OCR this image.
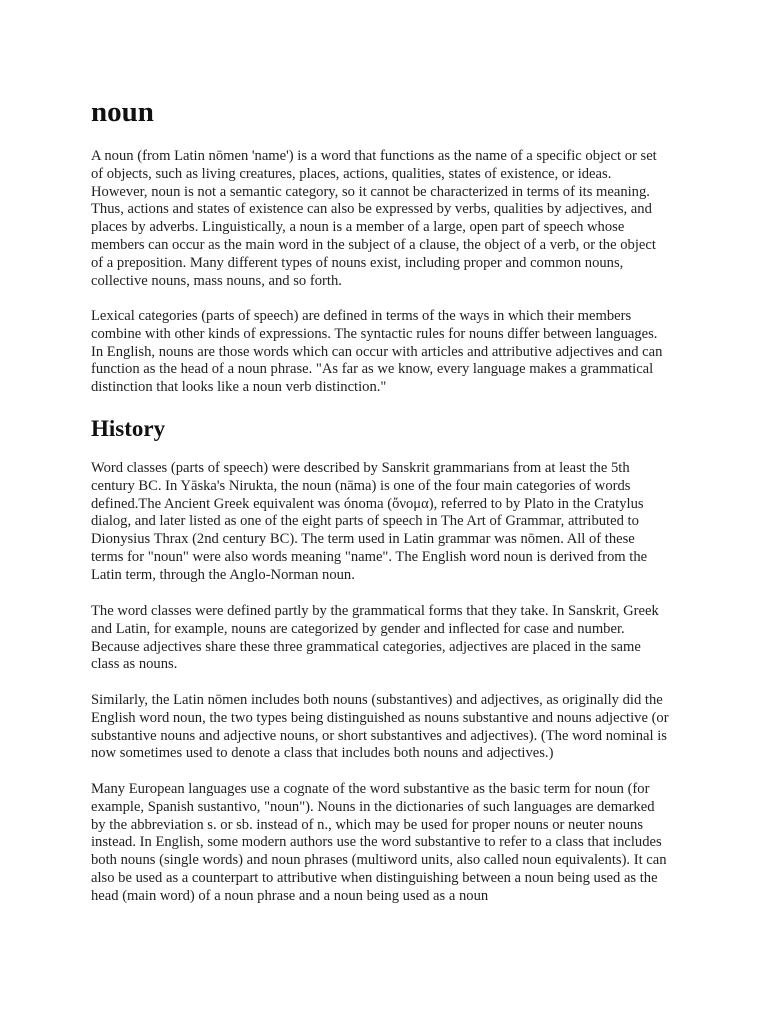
noun

A noun (from Latin nōmen 'name') is a word that functions as the name of a specific object or set of objects, such as living creatures, places, actions, qualities, states of existence, or ideas. However, noun is not a semantic category, so it cannot be characterized in terms of its meaning. Thus, actions and states of existence can also be expressed by verbs, qualities by adjectives, and places by adverbs. Linguistically, a noun is a member of a large, open part of speech whose members can occur as the main word in the subject of a clause, the object of a verb, or the object of a preposition. Many different types of nouns exist, including proper and common nouns, collective nouns, mass nouns, and so forth.

Lexical categories (parts of speech) are defined in terms of the ways in which their members combine with other kinds of expressions. The syntactic rules for nouns differ between languages. In English, nouns are those words which can occur with articles and attributive adjectives and can function as the head of a noun phrase. "As far as we know, every language makes a grammatical distinction that looks like a noun verb distinction."

History

Word classes (parts of speech) were described by Sanskrit grammarians from at least the 5th century BC. In Yāska's Nirukta, the noun (nāma) is one of the four main categories of words defined.The Ancient Greek equivalent was ónoma (ὄνομα), referred to by Plato in the Cratylus dialog, and later listed as one of the eight parts of speech in The Art of Grammar, attributed to Dionysius Thrax (2nd century BC). The term used in Latin grammar was nōmen. All of these terms for "noun" were also words meaning "name". The English word noun is derived from the Latin term, through the Anglo-Norman noun.

The word classes were defined partly by the grammatical forms that they take. In Sanskrit, Greek and Latin, for example, nouns are categorized by gender and inflected for case and number. Because adjectives share these three grammatical categories, adjectives are placed in the same class as nouns.

Similarly, the Latin nōmen includes both nouns (substantives) and adjectives, as originally did the English word noun, the two types being distinguished as nouns substantive and nouns adjective (or substantive nouns and adjective nouns, or short substantives and adjectives). (The word nominal is now sometimes used to denote a class that includes both nouns and adjectives.)

Many European languages use a cognate of the word substantive as the basic term for noun (for example, Spanish sustantivo, "noun"). Nouns in the dictionaries of such languages are demarked by the abbreviation s. or sb. instead of n., which may be used for proper nouns or neuter nouns instead. In English, some modern authors use the word substantive to refer to a class that includes both nouns (single words) and noun phrases (multiword units, also called noun equivalents). It can also be used as a counterpart to attributive when distinguishing between a noun being used as the head (main word) of a noun phrase and a noun being used as a noun
